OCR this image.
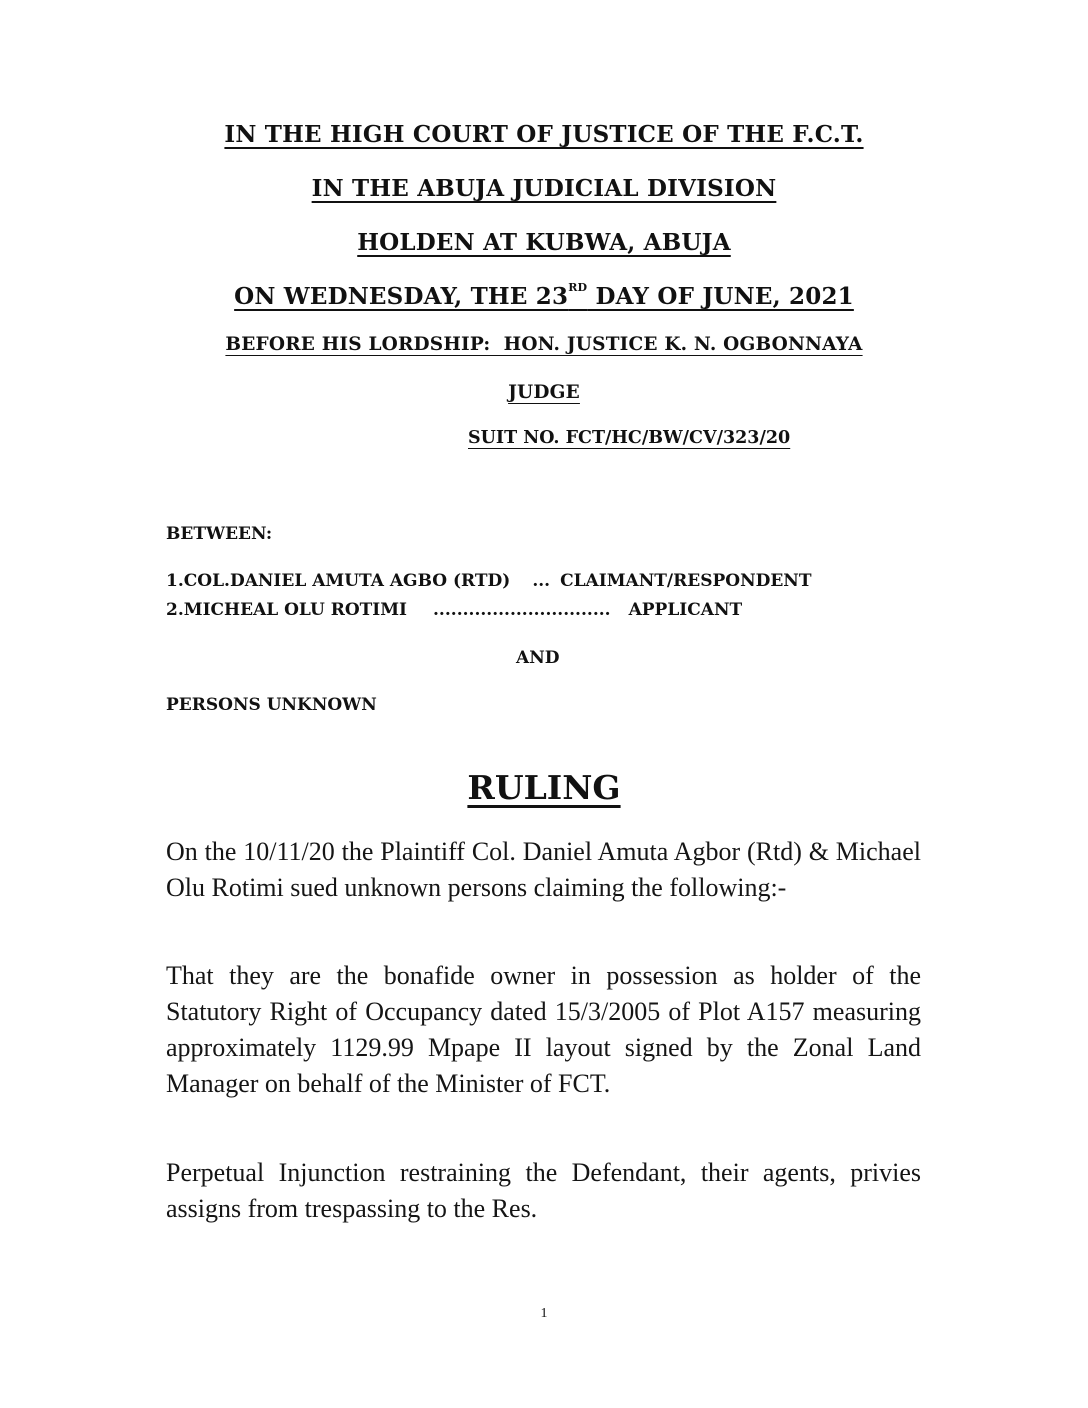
IN THE HIGH COURT OF JUSTICE OF THE F.C.T.
IN THE ABUJA JUDICIAL DIVISION
HOLDEN AT KUBWA, ABUJA
ON WEDNESDAY, THE 23RD DAY OF JUNE, 2021
BEFORE HIS LORDSHIP:  HON. JUSTICE K. N. OGBONNAYA
JUDGE
SUIT NO. FCT/HC/BW/CV/323/20
BETWEEN:
1.COL.DANIEL AMUTA AGBO (RTD) ... CLAIMANT/RESPONDENT
2.MICHEAL OLU ROTIMI .............................. APPLICANT
AND
PERSONS UNKNOWN
RULING
On the 10/11/20 the Plaintiff Col. Daniel Amuta Agbor (Rtd) & Michael Olu Rotimi sued unknown persons claiming the following:-
That they are the bonafide owner in possession as holder of the Statutory Right of Occupancy dated 15/3/2005 of Plot A157 measuring approximately 1129.99 Mpape II layout signed by the Zonal Land Manager on behalf of the Minister of FCT.
Perpetual Injunction restraining the Defendant, their agents, privies assigns from trespassing to the Res.
1
